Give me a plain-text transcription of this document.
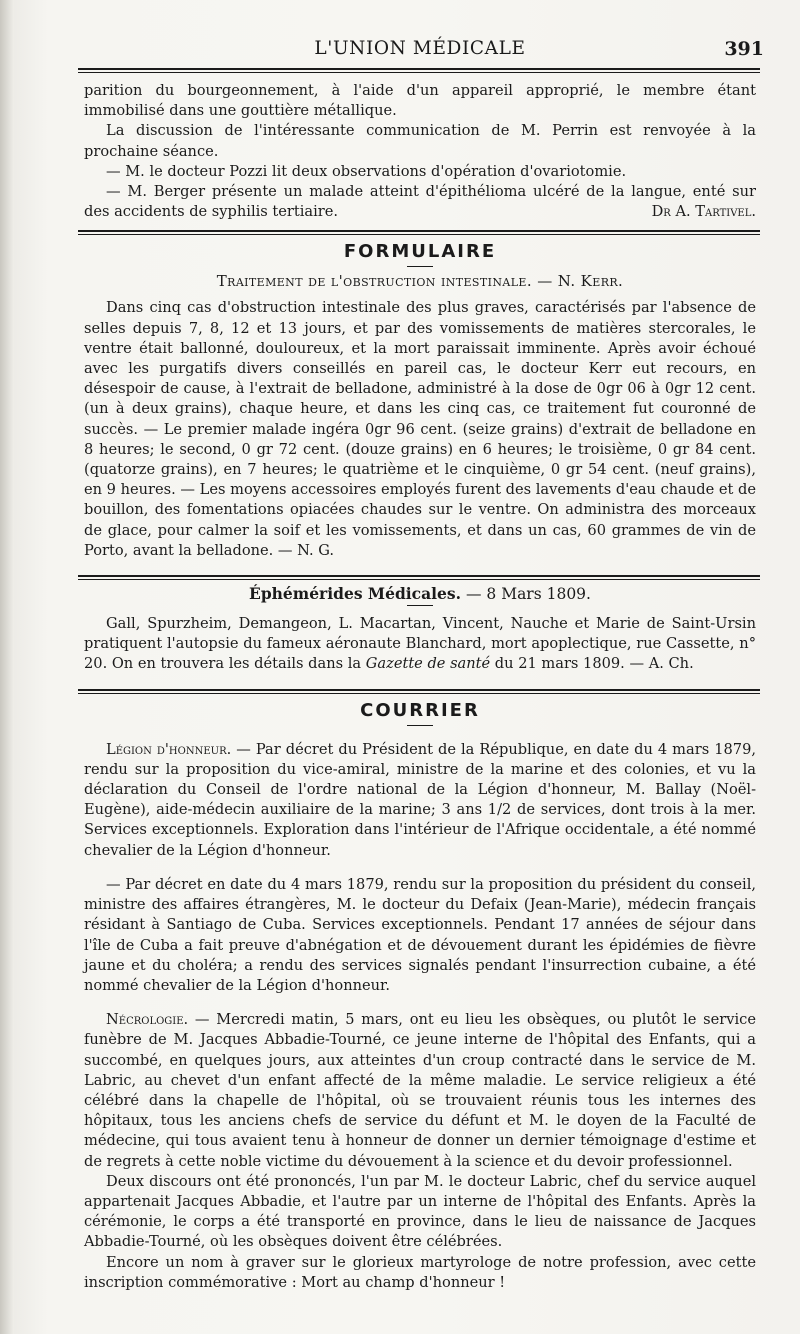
L'UNION MÉDICALE	391

parition du bourgeonnement, à l'aide d'un appareil approprié, le membre étant immobilisé dans une gouttière métallique.

La discussion de l'intéressante communication de M. Perrin est renvoyée à la prochaine séance.

— M. le docteur Pozzi lit deux observations d'opération d'ovariotomie.

— M. Berger présente un malade atteint d'épithélioma ulcéré de la langue, enté sur des accidents de syphilis tertiaire.	Dr A. Tartivel.

FORMULAIRE
Traitement de l'obstruction intestinale. — N. Kerr.

Dans cinq cas d'obstruction intestinale des plus graves, caractérisés par l'absence de selles depuis 7, 8, 12 et 13 jours, et par des vomissements de matières stercorales, le ventre était ballonné, douloureux, et la mort paraissait imminente. Après avoir échoué avec les purgatifs divers conseillés en pareil cas, le docteur Kerr eut recours, en désespoir de cause, à l'extrait de belladone, administré à la dose de 0gr 06 à 0gr 12 cent. (un à deux grains), chaque heure, et dans les cinq cas, ce traitement fut couronné de succès. — Le premier malade ingéra 0gr 96 cent. (seize grains) d'extrait de belladone en 8 heures; le second, 0 gr 72 cent. (douze grains) en 6 heures; le troisième, 0 gr 84 cent. (quatorze grains), en 7 heures; le quatrième et le cinquième, 0 gr 54 cent. (neuf grains), en 9 heures. — Les moyens accessoires employés furent des lavements d'eau chaude et de bouillon, des fomentations opiacées chaudes sur le ventre. On administra des morceaux de glace, pour calmer la soif et les vomissements, et dans un cas, 60 grammes de vin de Porto, avant la belladone. — N. G.

Éphémérides Médicales. — 8 Mars 1809.

Gall, Spurzheim, Demangeon, L. Macartan, Vincent, Nauche et Marie de Saint-Ursin pratiquent l'autopsie du fameux aéronaute Blanchard, mort apoplectique, rue Cassette, n° 20. On en trouvera les détails dans la Gazette de santé du 21 mars 1809. — A. Ch.

COURRIER

Légion d'honneur. — Par décret du Président de la République, en date du 4 mars 1879, rendu sur la proposition du vice-amiral, ministre de la marine et des colonies, et vu la déclaration du Conseil de l'ordre national de la Légion d'honneur, M. Ballay (Noël-Eugène), aide-médecin auxiliaire de la marine; 3 ans 1/2 de services, dont trois à la mer. Services exceptionnels. Exploration dans l'intérieur de l'Afrique occidentale, a été nommé chevalier de la Légion d'honneur.

— Par décret en date du 4 mars 1879, rendu sur la proposition du président du conseil, ministre des affaires étrangères, M. le docteur du Defaix (Jean-Marie), médecin français résidant à Santiago de Cuba. Services exceptionnels. Pendant 17 années de séjour dans l'île de Cuba a fait preuve d'abnégation et de dévouement durant les épidémies de fièvre jaune et du choléra; a rendu des services signalés pendant l'insurrection cubaine, a été nommé chevalier de la Légion d'honneur.

Nécrologie. — Mercredi matin, 5 mars, ont eu lieu les obsèques, ou plutôt le service funèbre de M. Jacques Abbadie-Tourné, ce jeune interne de l'hôpital des Enfants, qui a succombé, en quelques jours, aux atteintes d'un croup contracté dans le service de M. Labric, au chevet d'un enfant affecté de la même maladie. Le service religieux a été célébré dans la chapelle de l'hôpital, où se trouvaient réunis tous les internes des hôpitaux, tous les anciens chefs de service du défunt et M. le doyen de la Faculté de médecine, qui tous avaient tenu à honneur de donner un dernier témoignage d'estime et de regrets à cette noble victime du dévouement à la science et du devoir professionnel.

Deux discours ont été prononcés, l'un par M. le docteur Labric, chef du service auquel appartenait Jacques Abbadie, et l'autre par un interne de l'hôpital des Enfants. Après la cérémonie, le corps a été transporté en province, dans le lieu de naissance de Jacques Abbadie-Tourné, où les obsèques doivent être célébrées.

Encore un nom à graver sur le glorieux martyrologe de notre profession, avec cette inscription commémorative : Mort au champ d'honneur !
